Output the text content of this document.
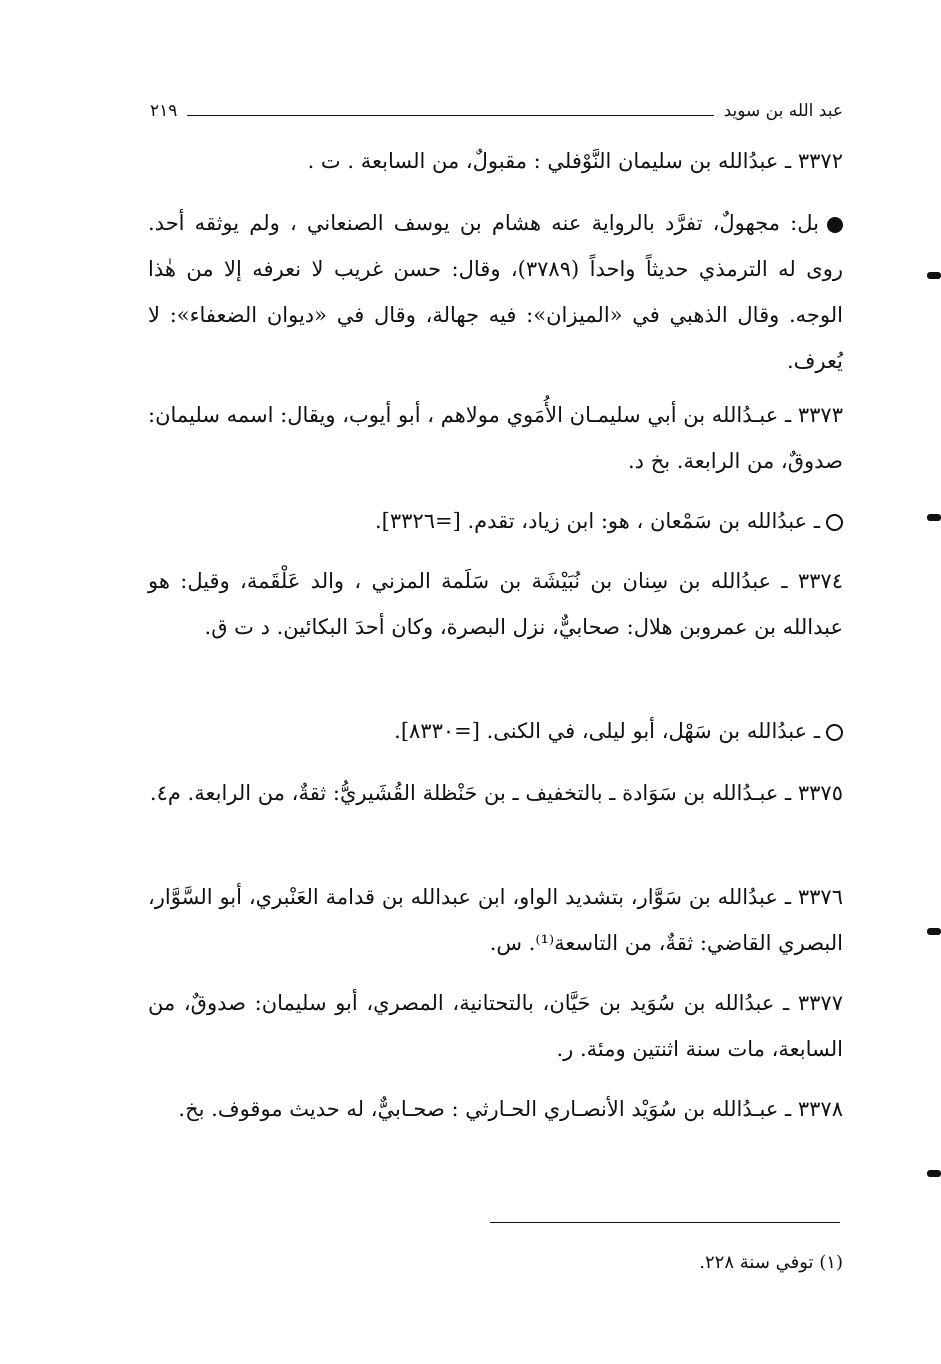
عبد الله بن سويد
٢١٩
٣٣٧٢ ـ عبدُالله بن سليمان النَّوْفلي : مقبولٌ، من السابعة . ت .
بل: مجهولٌ، تفرَّد بالرواية عنه هشام بن يوسف الصنعاني ، ولم يوثقه أحد. روى له الترمذي حديثاً واحداً (٣٧٨٩)، وقال: حسن غريب لا نعرفه إلا من هٰذا الوجه. وقال الذهبي في «الميزان»: فيه جهالة، وقال في «ديوان الضعفاء»: لا يُعرف.
٣٣٧٣ ـ عبـدُالله بن أبي سليمـان الأُمَوي مولاهم ، أبو أيوب، ويقال: اسمه سليمان: صدوقٌ، من الرابعة. بخ د.
ـ عبدُالله بن سَمْعان ، هو: ابن زياد، تقدم. [=٣٣٢٦].
٣٣٧٤ ـ عبدُالله بن سِنان بن نُبَيْشَة بن سَلَمة المزني ، والد عَلْقَمة، وقيل: هو عبدالله بن عمروبن هلال: صحابيٌّ، نزل البصرة، وكان أحدَ البكائين. د ت ق.
ـ عبدُالله بن سَهْل، أبو ليلى، في الكنى. [=٨٣٣٠].
٣٣٧٥ ـ عبـدُالله بن سَوَادة ـ بالتخفيف ـ بن حَنْظلة القُشَيريُّ: ثقةٌ، من الرابعة. م٤.
٣٣٧٦ ـ عبدُالله بن سَوَّار، بتشديد الواو، ابن عبدالله بن قدامة العَنْبري، أبو السَّوَّار، البصري القاضي: ثقةٌ، من التاسعة⁽¹⁾. س.
٣٣٧٧ ـ عبدُالله بن سُوَيد بن حَيَّان، بالتحتانية، المصري، أبو سليمان: صدوقٌ، من السابعة، مات سنة اثنتين ومئة. ر.
٣٣٧٨ ـ عبـدُالله بن سُوَيْد الأنصـاري الحـارثي : صحـابيٌّ، له حديث موقوف. بخ.
(١) توفي سنة ٢٢٨.
